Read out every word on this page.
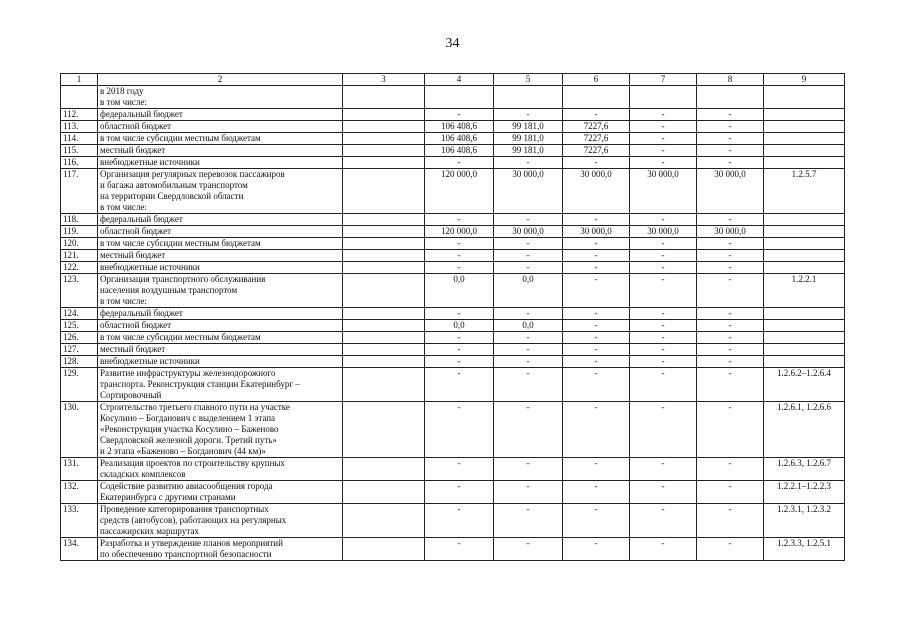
34
1	2	3	4	5	6	7	8	9
	в 2018 году
в том числе:							
112.	федеральный бюджет		-	-	-	-	-	
113.	областной бюджет		106 408,6	99 181,0	7227,6	-	-	
114.	в том числе субсидии местным бюджетам		106 408,6	99 181,0	7227,6	-	-	
115.	местный бюджет		106 408,6	99 181,0	7227,6	-	-	
116.	внебюджетные источники		-	-	-	-	-	
117.	Организация регулярных перевозок пассажиров
и багажа автомобильным транспортом
на территории Свердловской области
в том числе:		120 000,0	30 000,0	30 000,0	30 000,0	30 000,0	1.2.5.7
118.	федеральный бюджет		-	-	-	-	-	
119.	областной бюджет		120 000,0	30 000,0	30 000,0	30 000,0	30 000,0	
120.	в том числе субсидии местным бюджетам		-	-	-	-	-	
121.	местный бюджет		-	-	-	-	-	
122.	внебюджетные источники		-	-	-	-	-	
123.	Организация транспортного обслуживания
населения воздушным транспортом
в том числе:		0,0	0,0	-	-	-	1.2.2.1
124.	федеральный бюджет		-	-	-	-	-	
125.	областной бюджет		0,0	0,0	-	-	-	
126.	в том числе субсидии местным бюджетам		-	-	-	-	-	
127.	местный бюджет		-	-	-	-	-	
128.	внебюджетные источники		-	-	-	-	-	
129.	Развитие инфраструктуры железнодорожного
транспорта. Реконструкция станции Екатеринбург –
Сортировочный		-	-	-	-	-	1.2.6.2–1.2.6.4
130.	Строительство третьего главного пути на участке
Косулино – Богданович с выделением 1 этапа
«Реконструкция участка Косулино – Баженово
Свердловской железной дороги. Третий путь»
и 2 этапа «Баженово – Богданович (44 км)»		-	-	-	-	-	1.2.6.1, 1.2.6.6
131.	Реализация проектов по строительству крупных
складских комплексов		-	-	-	-	-	1.2.6.3, 1.2.6.7
132.	Содействие развитию авиасообщения города
Екатеринбурга с другими странами		-	-	-	-	-	1.2.2.1–1.2.2.3
133.	Проведение категорирования транспортных
средств (автобусов), работающих на регулярных
пассажирских маршрутах		-	-	-	-	-	1.2.3.1, 1.2.3.2
134.	Разработка и утверждение планов мероприятий
по обеспечению транспортной безопасности		-	-	-	-	-	1.2.3.3, 1.2.5.1
